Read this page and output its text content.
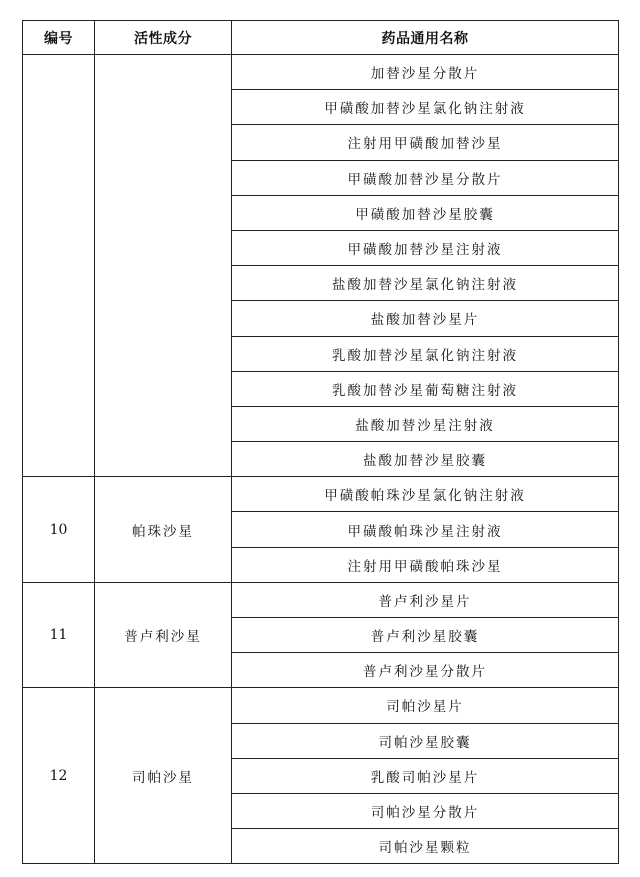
编号	活性成分	药品通用名称
		加替沙星分散片
		甲磺酸加替沙星氯化钠注射液
		注射用甲磺酸加替沙星
		甲磺酸加替沙星分散片
		甲磺酸加替沙星胶囊
		甲磺酸加替沙星注射液
		盐酸加替沙星氯化钠注射液
		盐酸加替沙星片
		乳酸加替沙星氯化钠注射液
		乳酸加替沙星葡萄糖注射液
		盐酸加替沙星注射液
		盐酸加替沙星胶囊
10	帕珠沙星	甲磺酸帕珠沙星氯化钠注射液
		甲磺酸帕珠沙星注射液
		注射用甲磺酸帕珠沙星
11	普卢利沙星	普卢利沙星片
		普卢利沙星胶囊
		普卢利沙星分散片
12	司帕沙星	司帕沙星片
		司帕沙星胶囊
		乳酸司帕沙星片
		司帕沙星分散片
		司帕沙星颗粒
